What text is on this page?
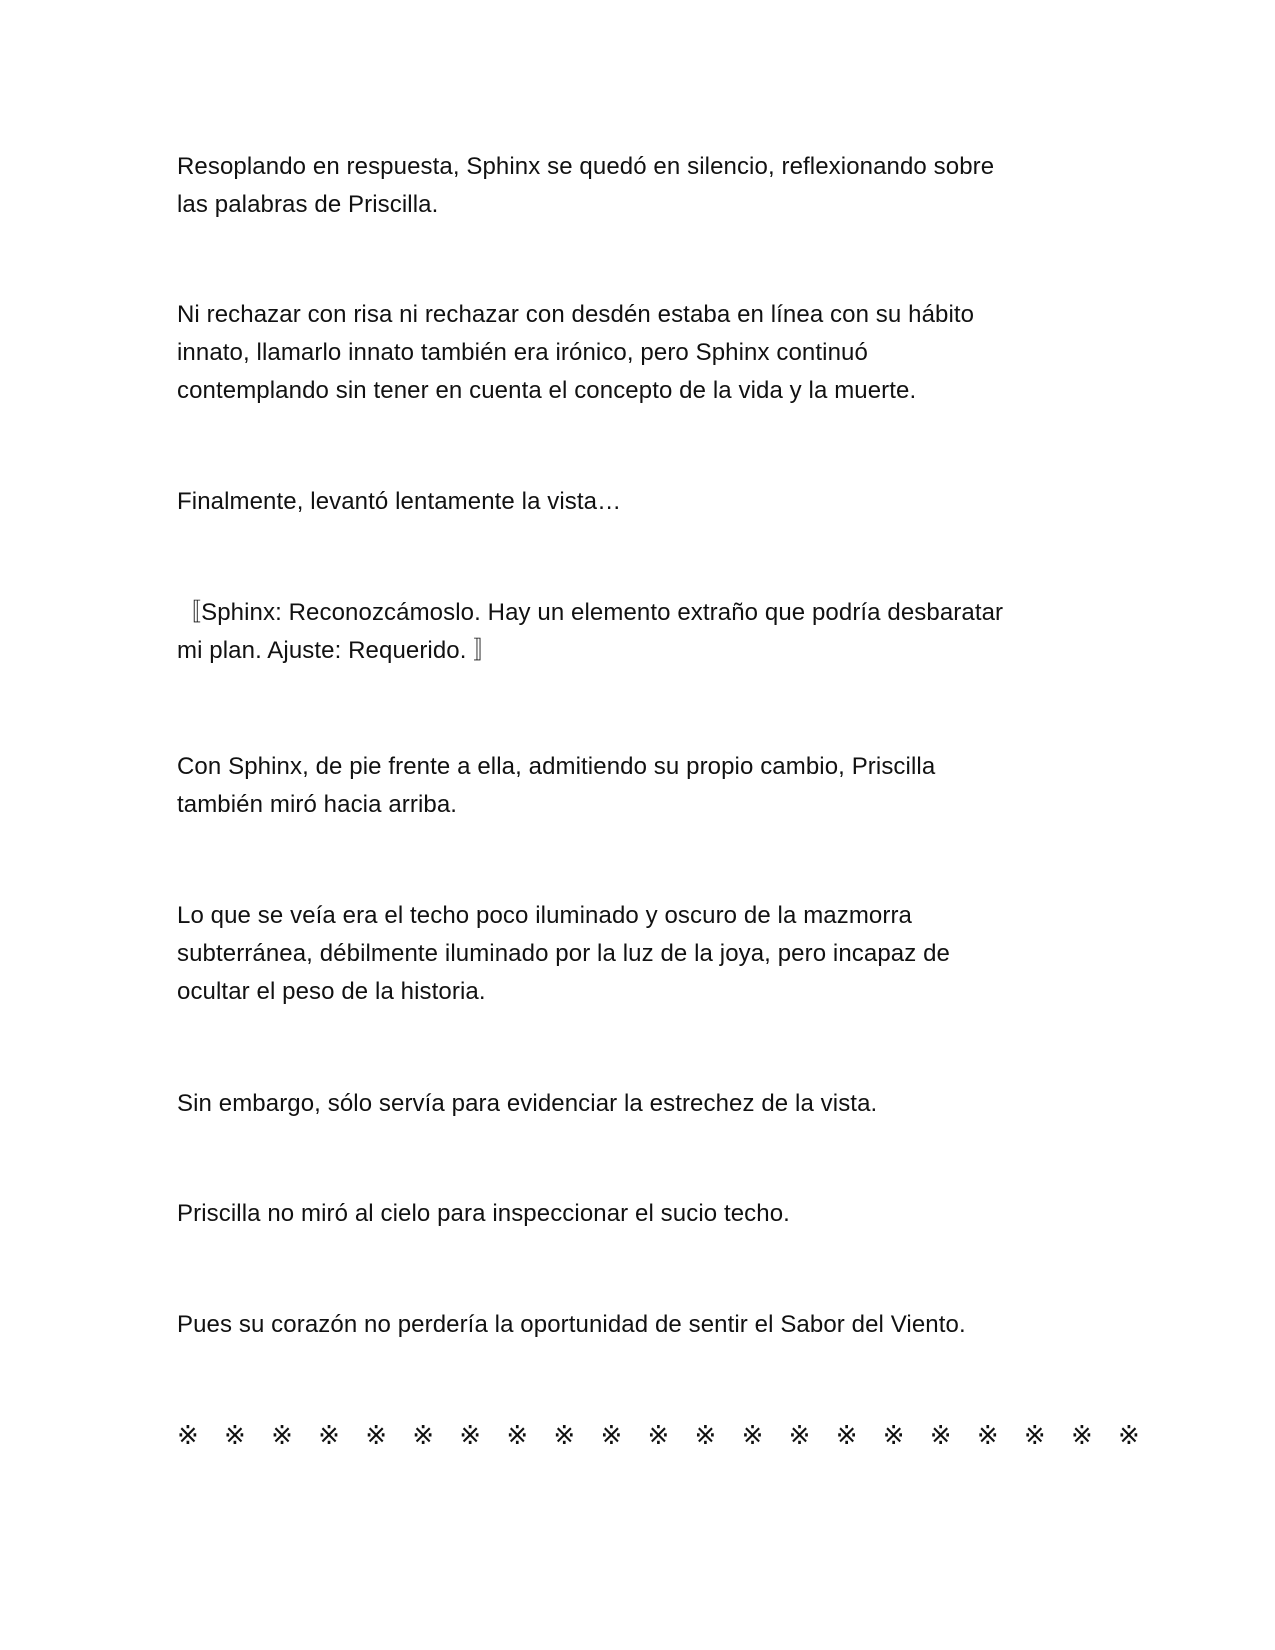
Resoplando en respuesta, Sphinx se quedó en silencio, reflexionando sobre
las palabras de Priscilla.

Ni rechazar con risa ni rechazar con desdén estaba en línea con su hábito
innato, llamarlo innato también era irónico, pero Sphinx continuó
contemplando sin tener en cuenta el concepto de la vida y la muerte.

Finalmente, levantó lentamente la vista…

〚Sphinx: Reconozcámoslo. Hay un elemento extraño que podría desbaratar
mi plan. Ajuste: Requerido. 〛

Con Sphinx, de pie frente a ella, admitiendo su propio cambio, Priscilla
también miró hacia arriba.

Lo que se veía era el techo poco iluminado y oscuro de la mazmorra
subterránea, débilmente iluminado por la luz de la joya, pero incapaz de
ocultar el peso de la historia.

Sin embargo, sólo servía para evidenciar la estrechez de la vista.

Priscilla no miró al cielo para inspeccionar el sucio techo.

Pues su corazón no perdería la oportunidad de sentir el Sabor del Viento.

※ ※ ※ ※ ※ ※ ※ ※ ※ ※ ※ ※ ※ ※ ※ ※ ※ ※ ※ ※ ※
